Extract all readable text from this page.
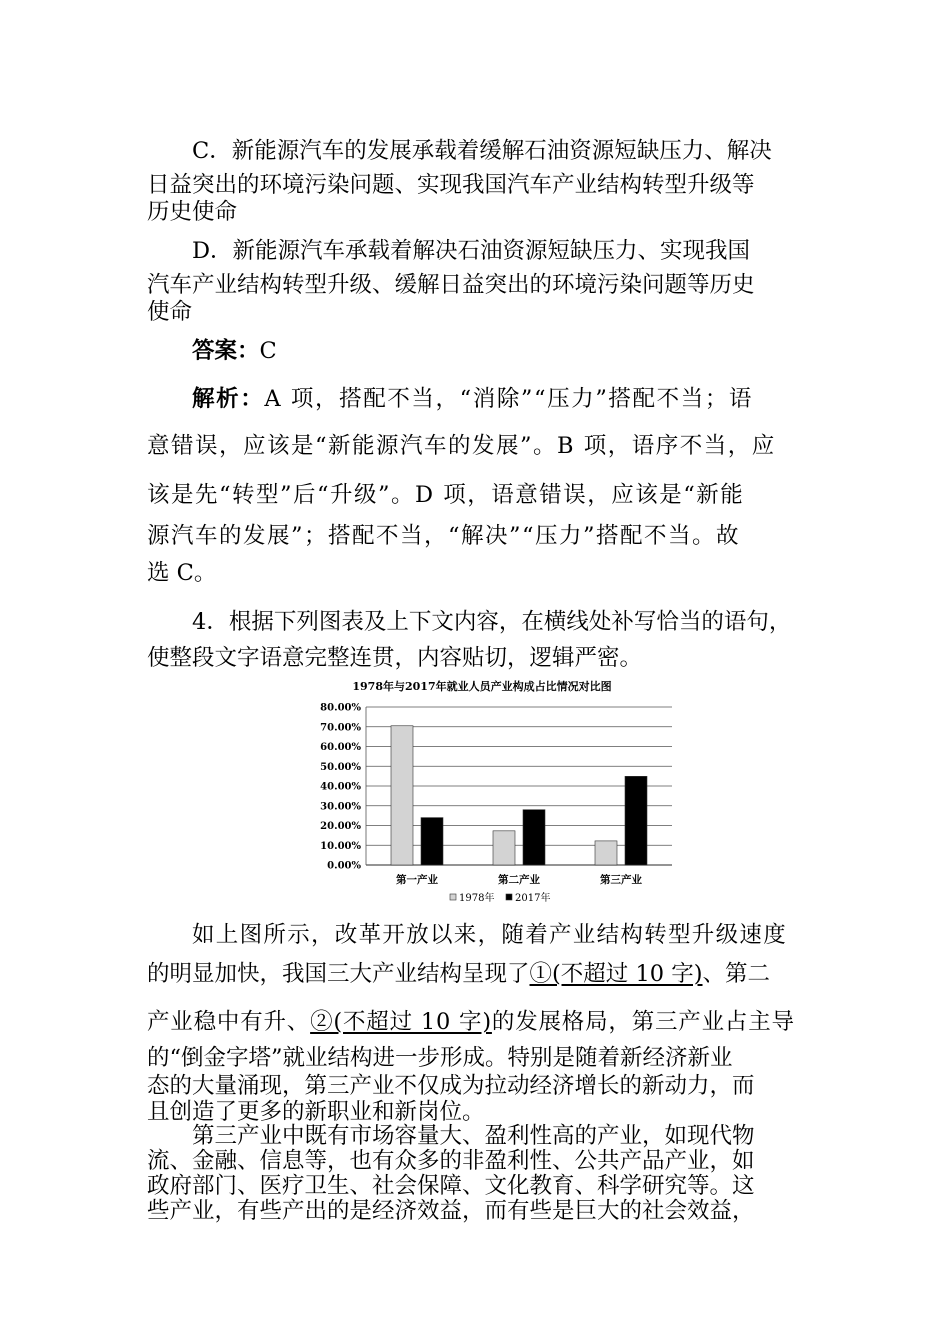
C．新能源汽车的发展承载着缓解石油资源短缺压力、解决
日益突出的环境污染问题、实现我国汽车产业结构转型升级等
历史使命
D．新能源汽车承载着解决石油资源短缺压力、实现我国
汽车产业结构转型升级、缓解日益突出的环境污染问题等历史
使命
答案：C
解析：A 项，搭配不当，“消除”“压力”搭配不当；语
意错误，应该是“新能源汽车的发展”。B 项，语序不当，应
该是先“转型”后“升级”。D 项，语意错误，应该是“新能
源汽车的发展”；搭配不当，“解决”“压力”搭配不当。故
选 C。
4．根据下列图表及上下文内容，在横线处补写恰当的语句，
使整段文字语意完整连贯，内容贴切，逻辑严密。
1978年与2017年就业人员产业构成占比情况对比图
80.00%
70.00%
60.00%
50.00%
40.00%
30.00%
20.00%
10.00%
0.00%
第一产业	第二产业	第三产业
1978年 2017年
如上图所示，改革开放以来，随着产业结构转型升级速度
的明显加快，我国三大产业结构呈现了①(不超过 10 字)、第二
产业稳中有升、②(不超过 10 字)的发展格局，第三产业占主导
的“倒金字塔”就业结构进一步形成。特别是随着新经济新业
态的大量涌现，第三产业不仅成为拉动经济增长的新动力，而
且创造了更多的新职业和新岗位。
第三产业中既有市场容量大、盈利性高的产业，如现代物
流、金融、信息等，也有众多的非盈利性、公共产品产业，如
政府部门、医疗卫生、社会保障、文化教育、科学研究等。这
些产业，有些产出的是经济效益，而有些是巨大的社会效益，
